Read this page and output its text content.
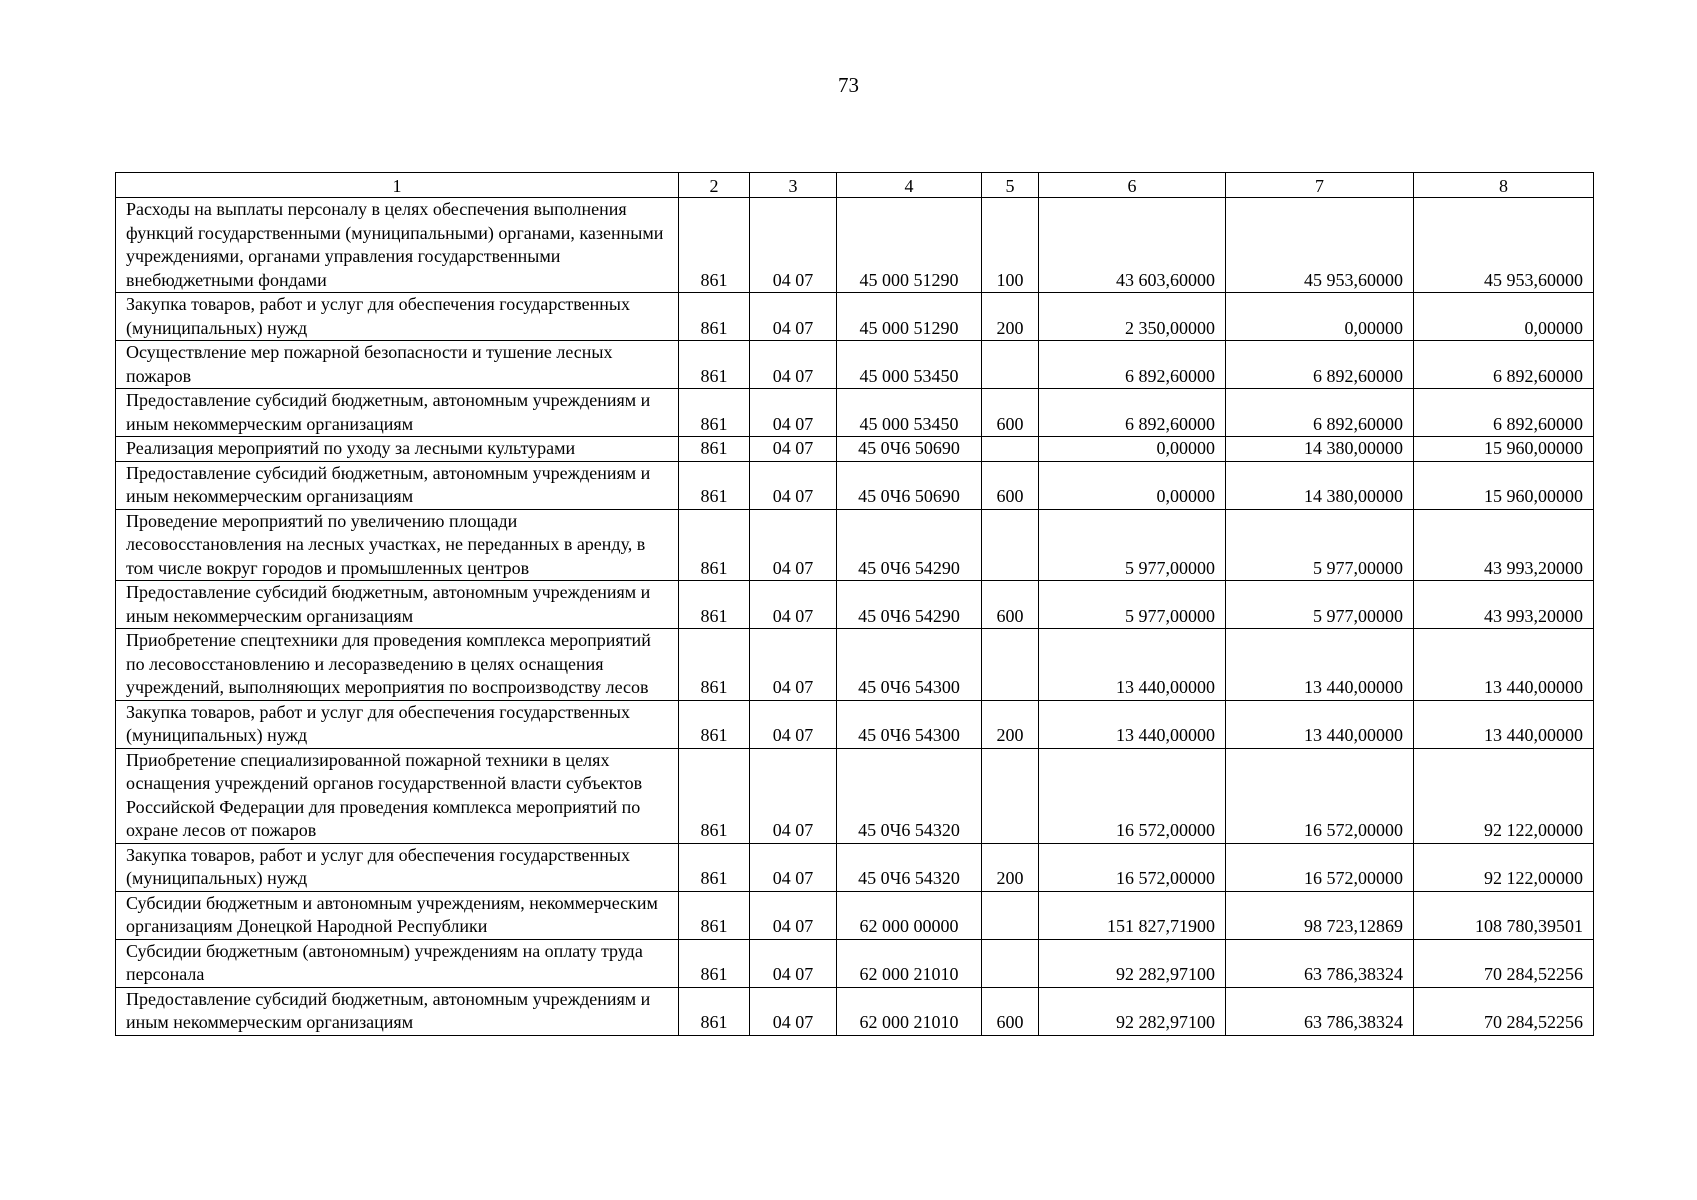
73
1	2	3	4	5	6	7	8
Расходы на выплаты персоналу в целях обеспечения выполнения функций государственными (муниципальными) органами, казенными учреждениями, органами управления государственными внебюджетными фондами	861	04 07	45 000 51290	100	43 603,60000	45 953,60000	45 953,60000
Закупка товаров, работ и услуг для обеспечения государственных (муниципальных) нужд	861	04 07	45 000 51290	200	2 350,00000	0,00000	0,00000
Осуществление мер пожарной безопасности и тушение лесных пожаров	861	04 07	45 000 53450		6 892,60000	6 892,60000	6 892,60000
Предоставление субсидий бюджетным, автономным учреждениям и иным некоммерческим организациям	861	04 07	45 000 53450	600	6 892,60000	6 892,60000	6 892,60000
Реализация мероприятий по уходу за лесными культурами	861	04 07	45 0Ч6 50690		0,00000	14 380,00000	15 960,00000
Предоставление субсидий бюджетным, автономным учреждениям и иным некоммерческим организациям	861	04 07	45 0Ч6 50690	600	0,00000	14 380,00000	15 960,00000
Проведение мероприятий по увеличению площади лесовосстановления на лесных участках, не переданных в аренду, в том числе вокруг городов и промышленных центров	861	04 07	45 0Ч6 54290		5 977,00000	5 977,00000	43 993,20000
Предоставление субсидий бюджетным, автономным учреждениям и иным некоммерческим организациям	861	04 07	45 0Ч6 54290	600	5 977,00000	5 977,00000	43 993,20000
Приобретение спецтехники для проведения комплекса мероприятий по лесовосстановлению и лесоразведению в целях оснащения учреждений, выполняющих мероприятия по воспроизводству лесов	861	04 07	45 0Ч6 54300		13 440,00000	13 440,00000	13 440,00000
Закупка товаров, работ и услуг для обеспечения государственных (муниципальных) нужд	861	04 07	45 0Ч6 54300	200	13 440,00000	13 440,00000	13 440,00000
Приобретение специализированной пожарной техники в целях оснащения учреждений органов государственной власти субъектов Российской Федерации для проведения комплекса мероприятий по охране лесов от пожаров	861	04 07	45 0Ч6 54320		16 572,00000	16 572,00000	92 122,00000
Закупка товаров, работ и услуг для обеспечения государственных (муниципальных) нужд	861	04 07	45 0Ч6 54320	200	16 572,00000	16 572,00000	92 122,00000
Субсидии бюджетным и автономным учреждениям, некоммерческим организациям Донецкой Народной Республики	861	04 07	62 000 00000		151 827,71900	98 723,12869	108 780,39501
Субсидии бюджетным (автономным) учреждениям на оплату труда персонала	861	04 07	62 000 21010		92 282,97100	63 786,38324	70 284,52256
Предоставление субсидий бюджетным, автономным учреждениям и иным некоммерческим организациям	861	04 07	62 000 21010	600	92 282,97100	63 786,38324	70 284,52256
